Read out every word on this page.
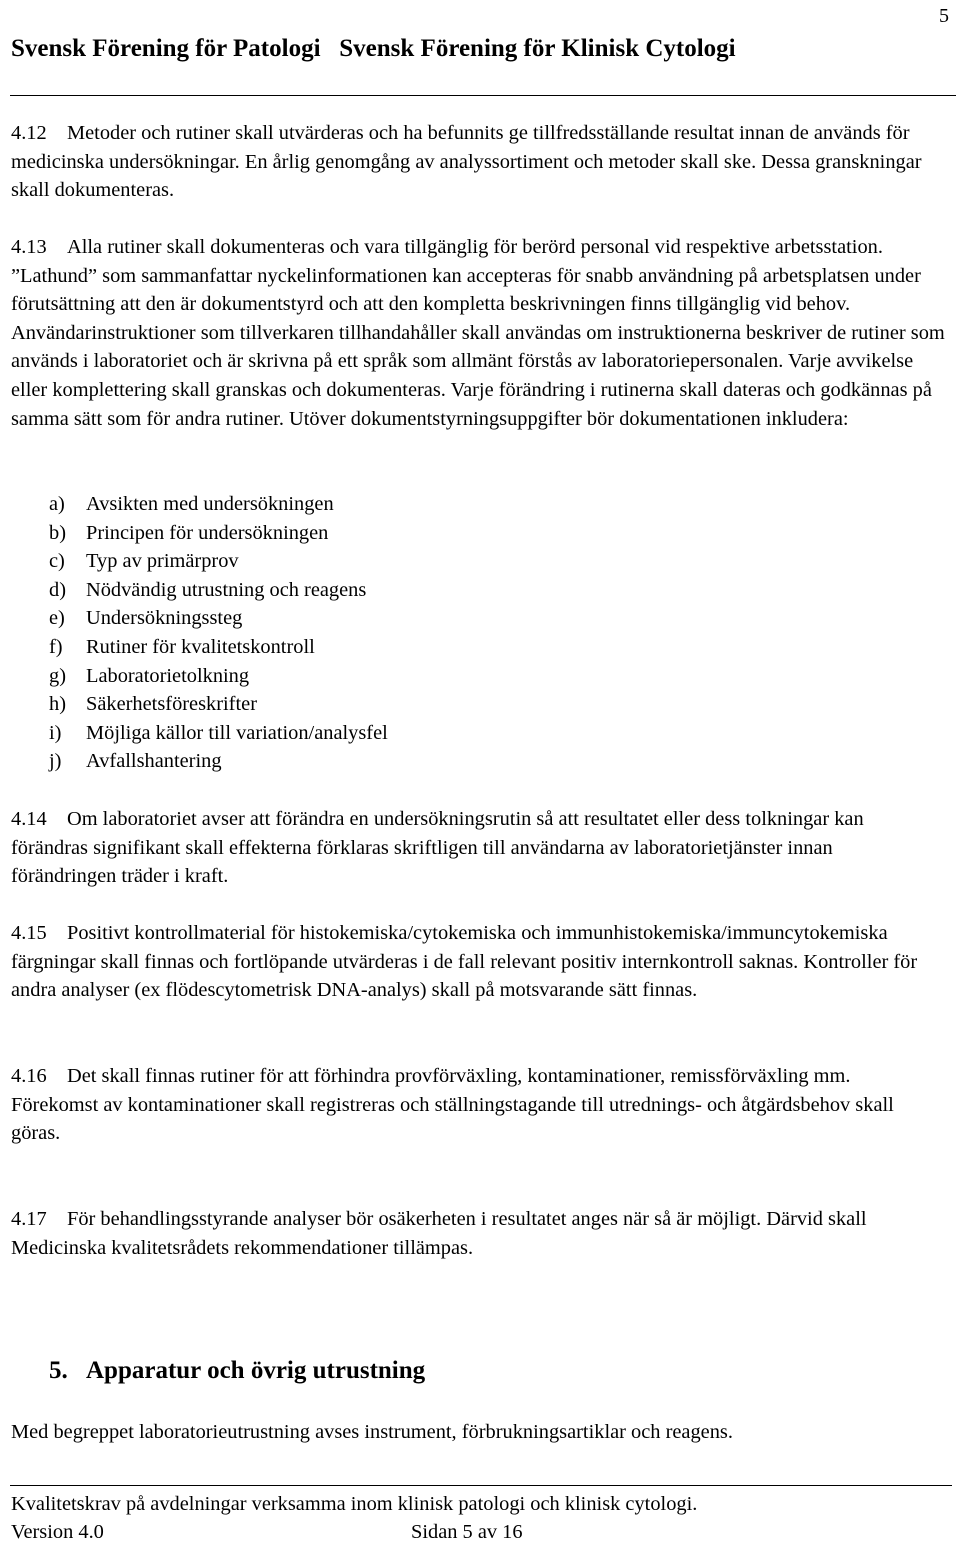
5
Svensk Förening för Patologi   Svensk Förening för Klinisk Cytologi
4.12 Metoder och rutiner skall utvärderas och ha befunnits ge tillfredsställande resultat innan de används för medicinska undersökningar. En årlig genomgång av analyssortiment och metoder skall ske. Dessa granskningar skall dokumenteras.
4.13 Alla rutiner skall dokumenteras och vara tillgänglig för berörd personal vid respektive arbetsstation. ”Lathund” som sammanfattar nyckelinformationen kan accepteras för snabb användning på arbetsplatsen under förutsättning att den är dokumentstyrd och att den kompletta beskrivningen finns tillgänglig vid behov. Användarinstruktioner som tillverkaren tillhandahåller skall användas om instruktionerna beskriver de rutiner som används i laboratoriet och är skrivna på ett språk som allmänt förstås av laboratoriepersonalen. Varje avvikelse eller komplettering skall granskas och dokumenteras. Varje förändring i rutinerna skall dateras och godkännas på samma sätt som för andra rutiner. Utöver dokumentstyrningsuppgifter bör dokumentationen inkludera:
a) Avsikten med undersökningen
b) Principen för undersökningen
c) Typ av primärprov
d) Nödvändig utrustning och reagens
e) Undersökningssteg
f) Rutiner för kvalitetskontroll
g) Laboratorietolkning
h) Säkerhetsföreskrifter
i) Möjliga källor till variation/analysfel
j) Avfallshantering
4.14 Om laboratoriet avser att förändra en undersökningsrutin så att resultatet eller dess tolkningar kan förändras signifikant skall effekterna förklaras skriftligen till användarna av laboratorietjänster innan förändringen träder i kraft.
4.15 Positivt kontrollmaterial för histokemiska/cytokemiska och immunhistokemiska/immuncytokemiska färgningar skall finnas och fortlöpande utvärderas i de fall relevant positiv internkontroll saknas. Kontroller för andra analyser (ex flödescytometrisk DNA-analys) skall på motsvarande sätt finnas.
4.16 Det skall finnas rutiner för att förhindra provförväxling, kontaminationer, remissförväxling mm. Förekomst av kontaminationer skall registreras och ställningstagande till utrednings- och åtgärdsbehov skall göras.
4.17 För behandlingsstyrande analyser bör osäkerheten i resultatet anges när så är möjligt. Därvid skall Medicinska kvalitetsrådets rekommendationer tillämpas.
5. Apparatur och övrig utrustning
Med begreppet laboratorieutrustning avses instrument, förbrukningsartiklar och reagens.
Kvalitetskrav på avdelningar verksamma inom klinisk patologi och klinisk cytologi.
Version 4.0	Sidan 5 av 16
